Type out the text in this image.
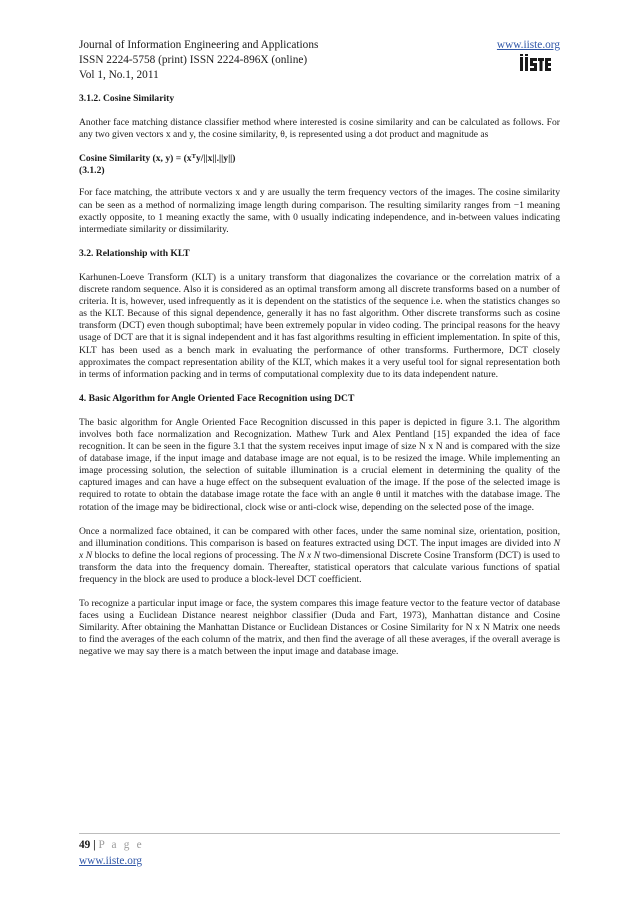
Journal of Information Engineering and Applications
ISSN 2224-5758 (print) ISSN 2224-896X (online)
Vol 1, No.1, 2011
www.iiste.org
3.1.2. Cosine Similarity

Another face matching distance classifier method where interested is cosine similarity and can be calculated as follows. For any two given vectors x and y, the cosine similarity, θ, is represented using a dot product and magnitude as

Cosine Similarity (x, $y) = (x^Ty/||x||.||y||)$
(3.1.2)

For face matching, the attribute vectors x and y are usually the term frequency vectors of the images. The cosine similarity can be seen as a method of normalizing image length during comparison. The resulting similarity ranges from −1 meaning exactly opposite, to 1 meaning exactly the same, with 0 usually indicating independence, and in-between values indicating intermediate similarity or dissimilarity.

3.2. Relationship with KLT

Karhunen-Loeve Transform (KLT) is a unitary transform that diagonalizes the covariance or the correlation matrix of a discrete random sequence. Also it is considered as an optimal transform among all discrete transforms based on a number of criteria. It is, however, used infrequently as it is dependent on the statistics of the sequence i.e. when the statistics changes so as the KLT. Because of this signal dependence, generally it has no fast algorithm. Other discrete transforms such as cosine transform (DCT) even though suboptimal; have been extremely popular in video coding. The principal reasons for the heavy usage of DCT are that it is signal independent and it has fast algorithms resulting in efficient implementation. In spite of this, KLT has been used as a bench mark in evaluating the performance of other transforms. Furthermore, DCT closely approximates the compact representation ability of the KLT, which makes it a very useful tool for signal representation both in terms of information packing and in terms of computational complexity due to its data independent nature.

4. Basic Algorithm for Angle Oriented Face Recognition using DCT

The basic algorithm for Angle Oriented Face Recognition discussed in this paper is depicted in figure 3.1. The algorithm involves both face normalization and Recognization. Mathew Turk and Alex Pentland [15] expanded the idea of face recognition. It can be seen in the figure 3.1 that the system receives input image of size N x N and is compared with the size of database image, if the input image and database image are not equal, is to be resized the image. While implementing an image processing solution, the selection of suitable illumination is a crucial element in determining the quality of the captured images and can have a huge effect on the subsequent evaluation of the image. If the pose of the selected image is required to rotate to obtain the database image rotate the face with an angle θ until it matches with the database image. The rotation of the image may be bidirectional, clock wise or anti-clock wise, depending on the selected pose of the image.

Once a normalized face obtained, it can be compared with other faces, under the same nominal size, orientation, position, and illumination conditions. This comparison is based on features extracted using DCT. The input images are divided into N x N blocks to define the local regions of processing. The N x N two-dimensional Discrete Cosine Transform (DCT) is used to transform the data into the frequency domain. Thereafter, statistical operators that calculate various functions of spatial frequency in the block are used to produce a block-level DCT coefficient.

To recognize a particular input image or face, the system compares this image feature vector to the feature vector of database faces using a Euclidean Distance nearest neighbor classifier (Duda and Fart, 1973), Manhattan distance and Cosine Similarity. After obtaining the Manhattan Distance or Euclidean Distances or Cosine Similarity for N x N Matrix one needs to find the averages of the each column of the matrix, and then find the average of all these averages, if the overall average is negative we may say there is a match between the input image and database image.

49 | P a g e
www.iiste.org
